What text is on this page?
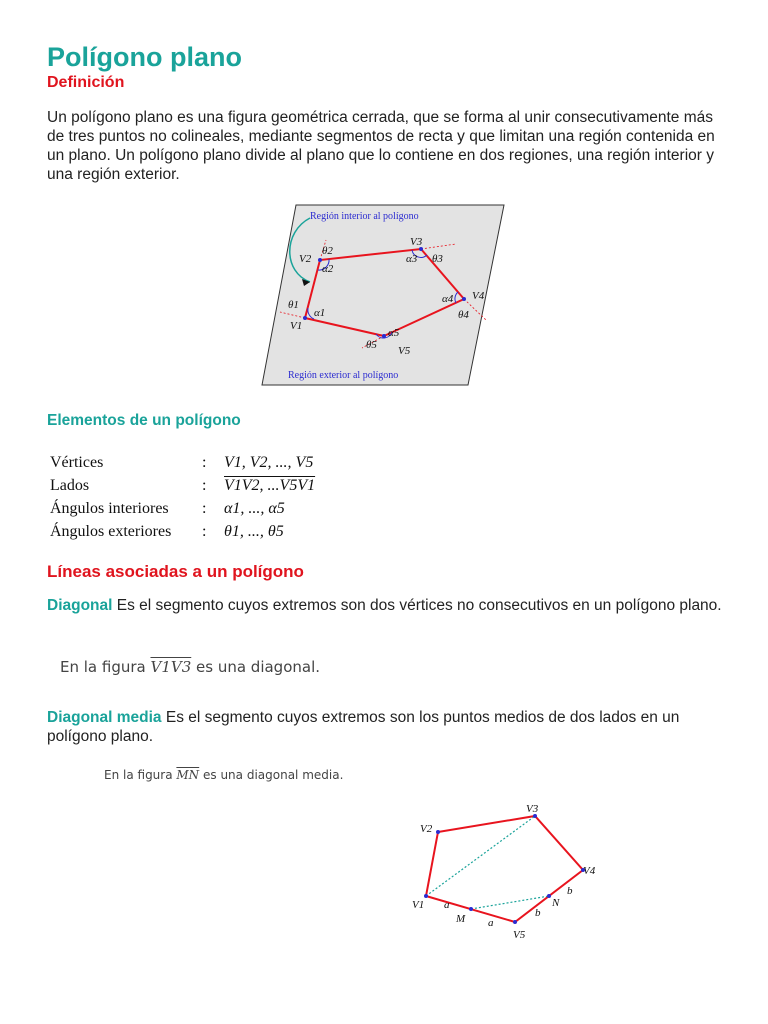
Polígono plano
Definición

Un polígono plano es una figura geométrica cerrada, que se forma al unir consecutivamente más de tres puntos no colineales, mediante segmentos de recta y que limitan una región contenida en un plano. Un polígono plano divide al plano que lo contiene en dos regiones, una región interior y una región exterior.

Región interior al polígono
Región exterior al polígono
V1
V2
V3
V4
V5
α1
α2
α3
α4
α5
θ1
θ2
θ3
θ4
θ5
Elementos de un polígono
Vértices	:	V1, V2, ..., V5
Lados	:	V1V2, ...V5V1
Ángulos interiores	:	α1, ..., α5
Ángulos exteriores	:	θ1, ..., θ5
Líneas asociadas a un polígono

Diagonal Es el segmento cuyos extremos son dos vértices no consecutivos en un polígono plano.

En la figura V1V3 es una diagonal.

Diagonal media Es el segmento cuyos extremos son los puntos medios de dos lados en un polígono plano.

En la figura $\overline{MN}$ es una diagonal media.
V1
V2
V3
V4
V5
M
N
a
a
b
b
